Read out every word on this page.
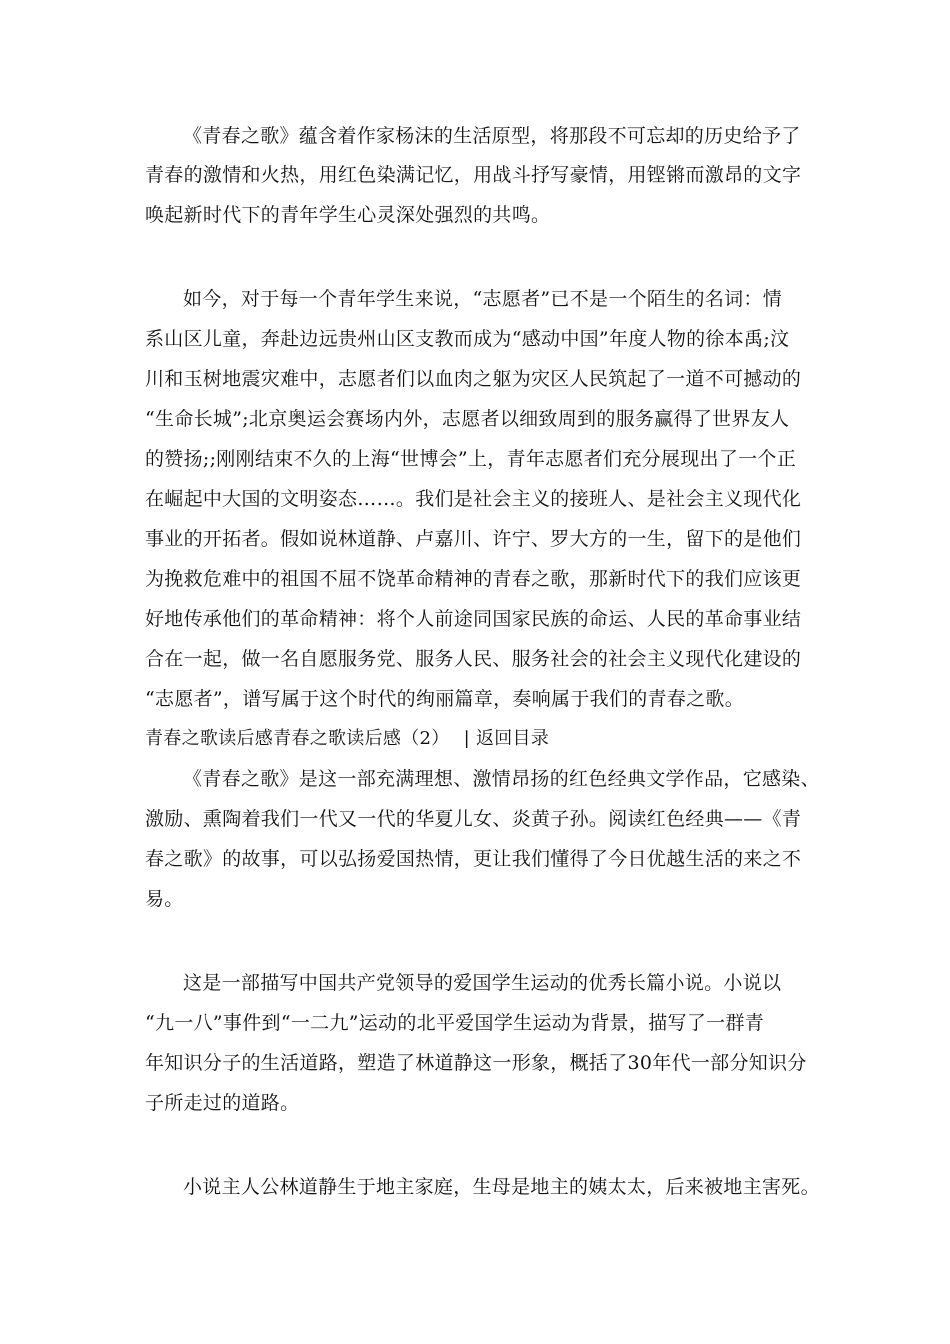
《青春之歌》蕴含着作家杨沫的生活原型，将那段不可忘却的历史给予了
青春的激情和火热，用红色染满记忆，用战斗抒写豪情，用铿锵而激昂的文字
唤起新时代下的青年学生心灵深处强烈的共鸣。
如今，对于每一个青年学生来说，“志愿者”已不是一个陌生的名词：情
系山区儿童，奔赴边远贵州山区支教而成为“感动中国”年度人物的徐本禹;汶
川和玉树地震灾难中，志愿者们以血肉之躯为灾区人民筑起了一道不可撼动的
“生命长城”;北京奥运会赛场内外，志愿者以细致周到的服务赢得了世界友人
的赞扬;;刚刚结束不久的上海“世博会”上，青年志愿者们充分展现出了一个正
在崛起中大国的文明姿态……。我们是社会主义的接班人、是社会主义现代化
事业的开拓者。假如说林道静、卢嘉川、许宁、罗大方的一生，留下的是他们
为挽救危难中的祖国不屈不饶革命精神的青春之歌，那新时代下的我们应该更
好地传承他们的革命精神：将个人前途同国家民族的命运、人民的革命事业结
合在一起，做一名自愿服务党、服务人民、服务社会的社会主义现代化建设的
“志愿者”，谱写属于这个时代的绚丽篇章，奏响属于我们的青春之歌。
青春之歌读后感青春之歌读后感（2） | 返回目录
《青春之歌》是这一部充满理想、激情昂扬的红色经典文学作品，它感染、
激励、熏陶着我们一代又一代的华夏儿女、炎黄子孙。阅读红色经典——《青
春之歌》的故事，可以弘扬爱国热情，更让我们懂得了今日优越生活的来之不
易。
这是一部描写中国共产党领导的爱国学生运动的优秀长篇小说。小说以
“九一八”事件到“一二九”运动的北平爱国学生运动为背景，描写了一群青
年知识分子的生活道路，塑造了林道静这一形象，概括了30年代一部分知识分
子所走过的道路。
小说主人公林道静生于地主家庭，生母是地主的姨太太，后来被地主害死。
